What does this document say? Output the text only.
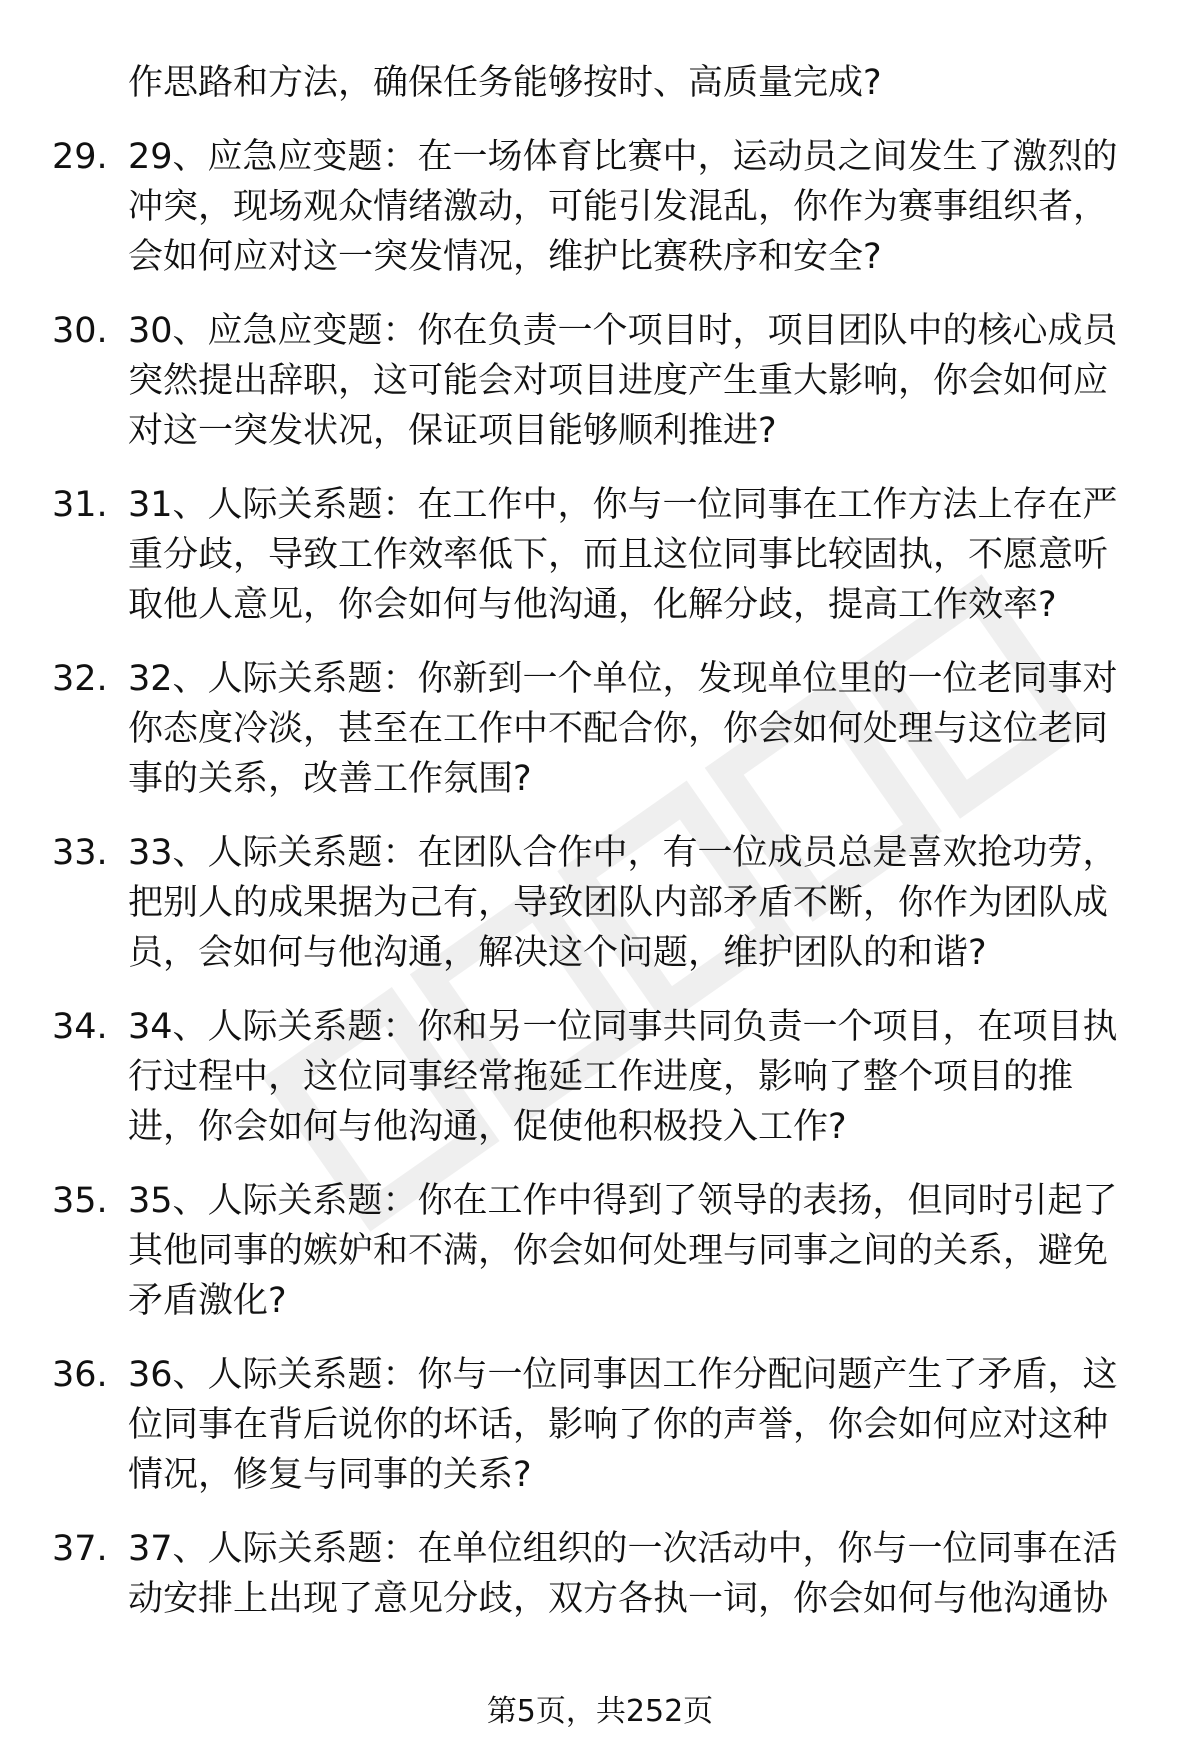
作思路和方法，确保任务能够按时、高质量完成?
29. 29、应急应变题：在一场体育比赛中，运动员之间发生了激烈的
冲突，现场观众情绪激动，可能引发混乱，你作为赛事组织者，
会如何应对这一突发情况，维护比赛秩序和安全?
30. 30、应急应变题：你在负责一个项目时，项目团队中的核心成员
突然提出辞职，这可能会对项目进度产生重大影响，你会如何应
对这一突发状况，保证项目能够顺利推进?
31. 31、人际关系题：在工作中，你与一位同事在工作方法上存在严
重分歧，导致工作效率低下，而且这位同事比较固执，不愿意听
取他人意见，你会如何与他沟通，化解分歧，提高工作效率?
32. 32、人际关系题：你新到一个单位，发现单位里的一位老同事对
你态度冷淡，甚至在工作中不配合你，你会如何处理与这位老同
事的关系，改善工作氛围?
33. 33、人际关系题：在团队合作中，有一位成员总是喜欢抢功劳，
把别人的成果据为己有，导致团队内部矛盾不断，你作为团队成
员，会如何与他沟通，解决这个问题，维护团队的和谐?
34. 34、人际关系题：你和另一位同事共同负责一个项目，在项目执
行过程中，这位同事经常拖延工作进度，影响了整个项目的推
进，你会如何与他沟通，促使他积极投入工作?
35. 35、人际关系题：你在工作中得到了领导的表扬，但同时引起了
其他同事的嫉妒和不满，你会如何处理与同事之间的关系，避免
矛盾激化?
36. 36、人际关系题：你与一位同事因工作分配问题产生了矛盾，这
位同事在背后说你的坏话，影响了你的声誉，你会如何应对这种
情况，修复与同事的关系?
37. 37、人际关系题：在单位组织的一次活动中，你与一位同事在活
动安排上出现了意见分歧，双方各执一词，你会如何与他沟通协
第5页，共252页
